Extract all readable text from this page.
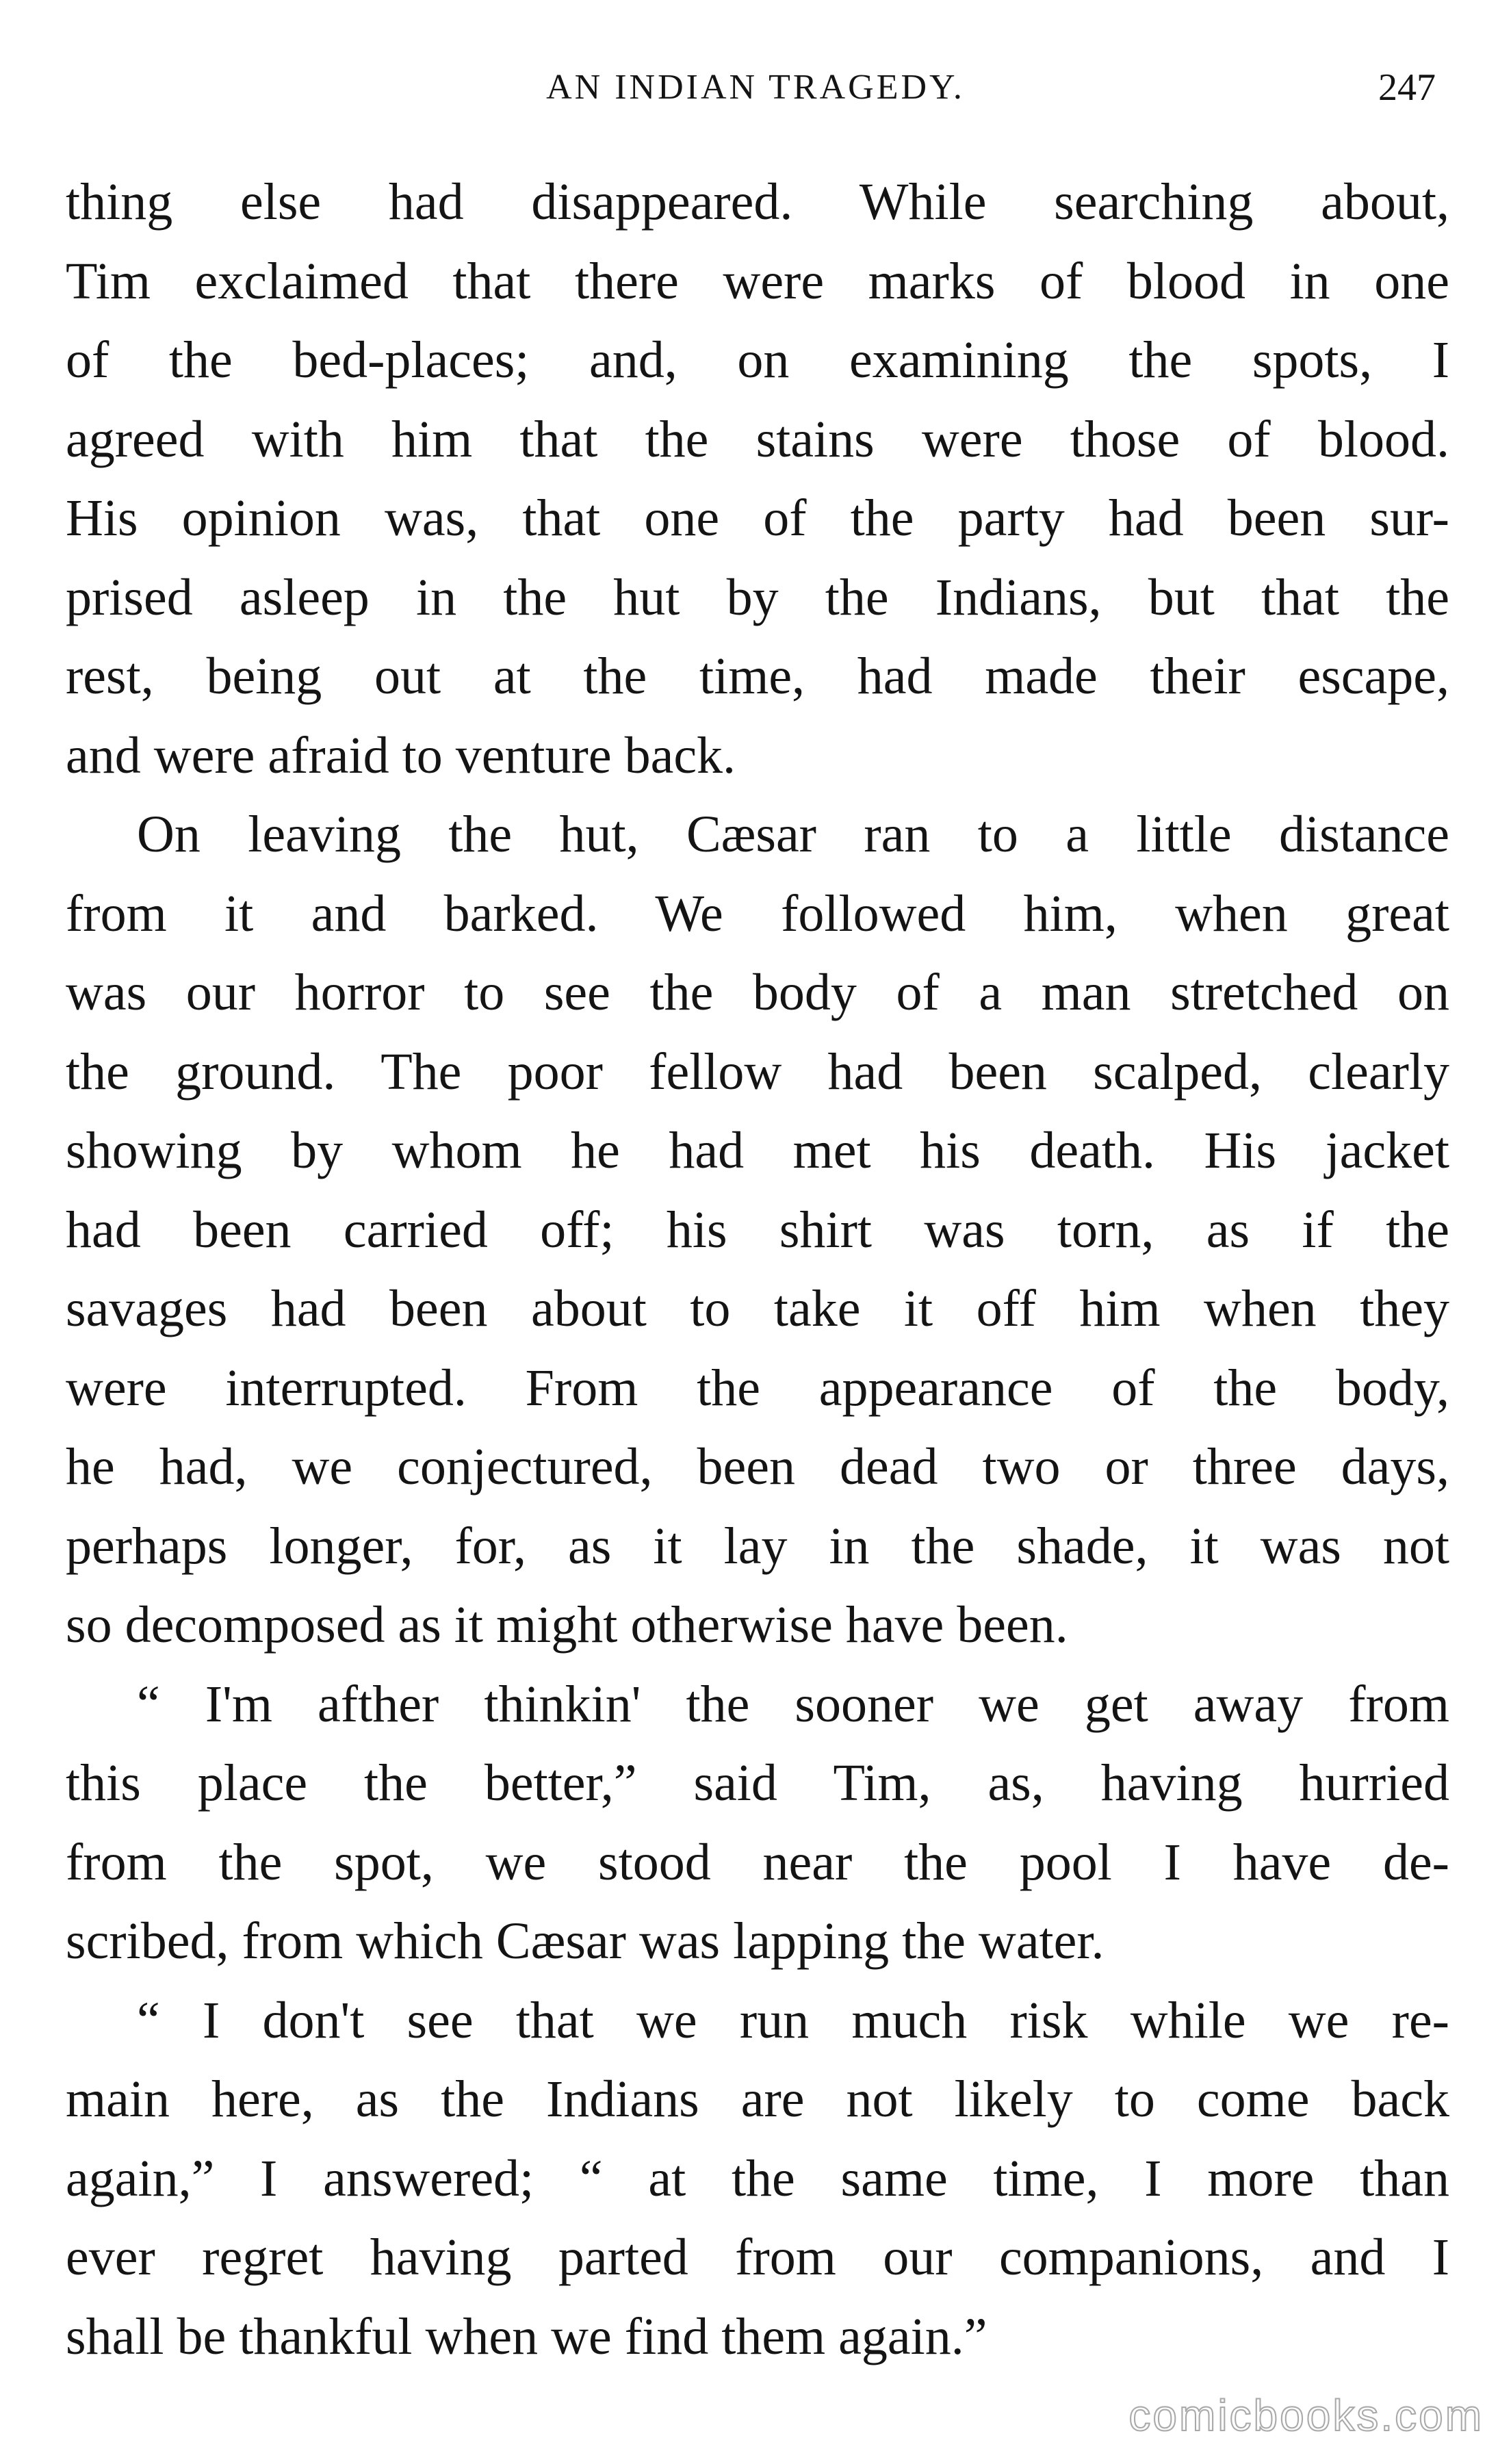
AN INDIAN TRAGEDY.	247
thing else had disappeared. While searching about,
Tim exclaimed that there were marks of blood in one
of the bed-places; and, on examining the spots, I
agreed with him that the stains were those of blood.
His opinion was, that one of the party had been sur-
prised asleep in the hut by the Indians, but that the
rest, being out at the time, had made their escape,
and were afraid to venture back.
On leaving the hut, Cæsar ran to a little distance
from it and barked. We followed him, when great
was our horror to see the body of a man stretched on
the ground. The poor fellow had been scalped, clearly
showing by whom he had met his death. His jacket
had been carried off; his shirt was torn, as if the
savages had been about to take it off him when they
were interrupted. From the appearance of the body,
he had, we conjectured, been dead two or three days,
perhaps longer, for, as it lay in the shade, it was not
so decomposed as it might otherwise have been.
“ I'm afther thinkin' the sooner we get away from
this place the better,” said Tim, as, having hurried
from the spot, we stood near the pool I have de-
scribed, from which Cæsar was lapping the water.
“ I don't see that we run much risk while we re-
main here, as the Indians are not likely to come back
again,” I answered; “ at the same time, I more than
ever regret having parted from our companions, and I
shall be thankful when we find them again.”
comicbooks.com
